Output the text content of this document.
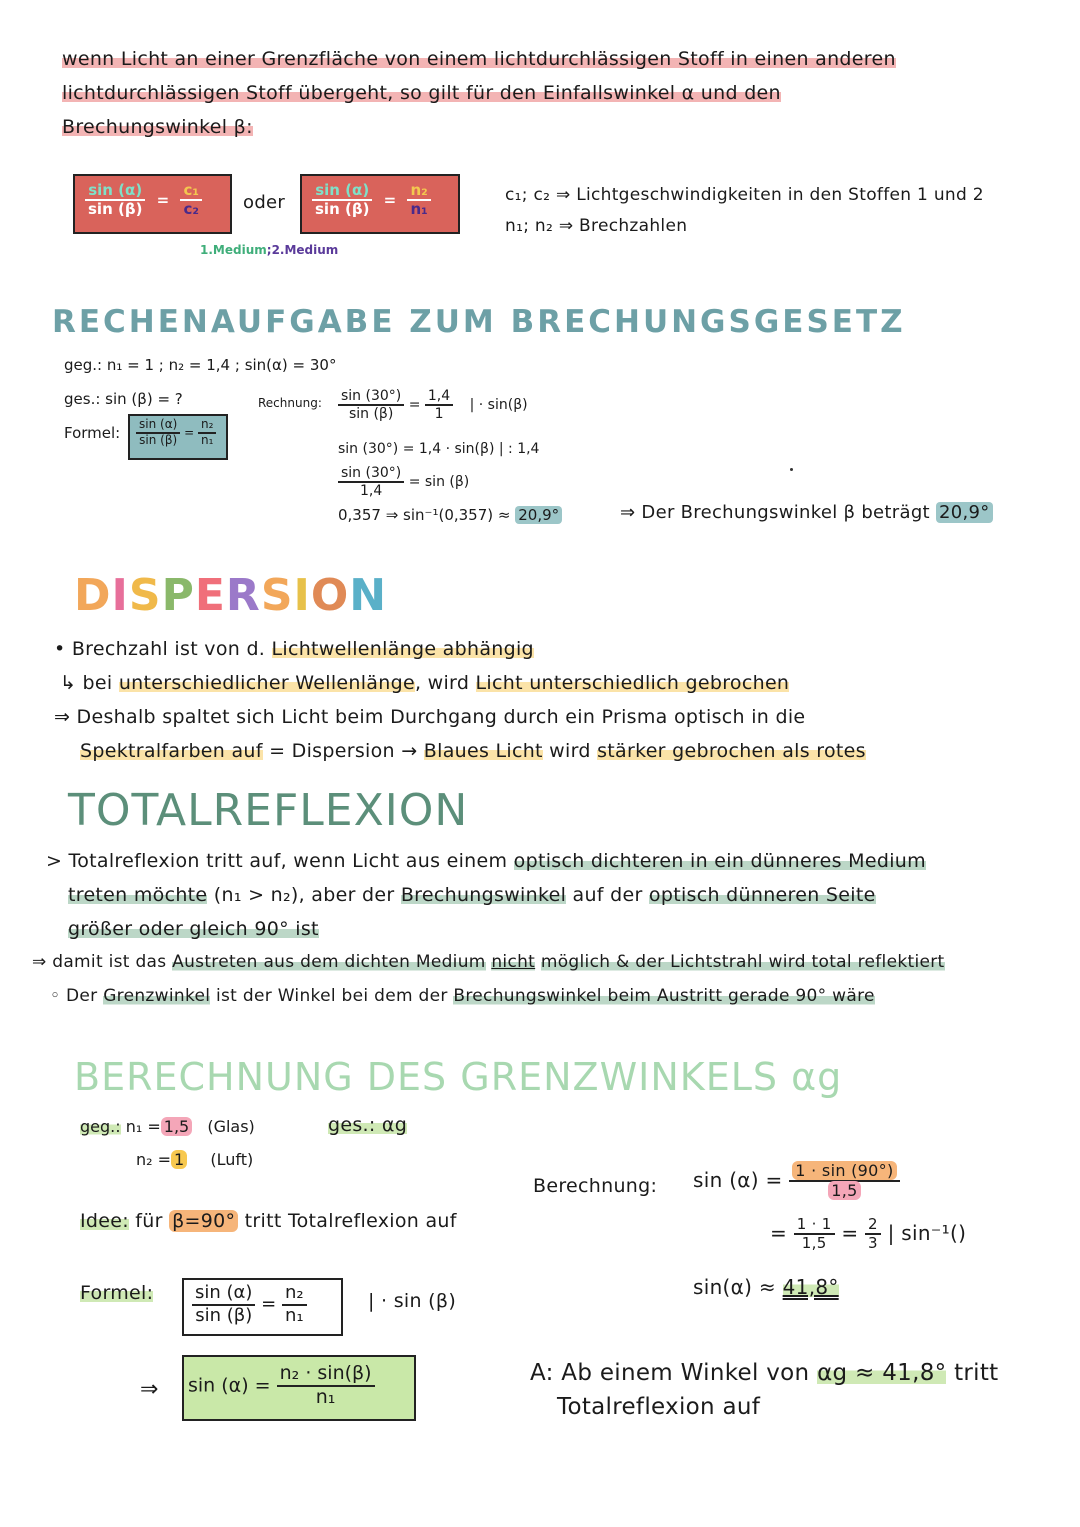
wenn Licht an einer Grenzfläche von einem lichtdurchlässigen Stoff in einen anderen
lichtdurchlässigen Stoff übergeht, so gilt für den Einfallswinkel α und den
Brechungswinkel β:
$\frac{\sin (\alpha)}{\sin (\beta)} = \frac{\text{c₁}}{\text{c₂}}$ oder $\frac{\sin (\alpha)}{\sin (\beta)} = \frac{\text{n₂}}{\text{n₁}}$
1.Medium;2.Medium
c₁; c₂ ⇒ Lichtgeschwindigkeiten in den Stoffen 1 und 2
n₁; n₂ ⇒ Brechzahlen
RECHENAUFGABE ZUM BRECHUNGSGESETZ
geg.: n₁ = 1 ; n₂ = 1,4 ; sin(α) = 30°
ges.: sin (β) = ?
Formel: $\frac{\sin (\alpha)}{\sin (\beta)} = \frac{\text{n₂}}{\text{n₁}}$
Rechnung: $\frac{\sin (30^\circ)}{\sin (\beta)} = \frac{1,4}{1}$ | · sin(β)
sin (30°) = 1,4 · sin(β) | : 1,4
$\frac{\sin (30^\circ)}{1,4} = \sin (\beta)$
0,357 ⇒ sin⁻¹(0,357) ≈ 20,9°	⇒ Der Brechungswinkel β beträgt 20,9°
DISPERSION
• Brechzahl ist von d. Lichtwellenlänge abhängig
↳ bei unterschiedlicher Wellenlänge, wird Licht unterschiedlich gebrochen
⇒ Deshalb spaltet sich Licht beim Durchgang durch ein Prisma optisch in die
Spektralfarben auf = Dispersion → Blaues Licht wird stärker gebrochen als rotes
TOTALREFLEXION
> Totalreflexion tritt auf, wenn Licht aus einem optisch dichteren in ein dünneres Medium
treten möchte (n₁ > n₂), aber der Brechungswinkel auf der optisch dünneren Seite
größer oder gleich 90° ist
⇒ damit ist das Austreten aus dem dichten Medium nicht möglich & der Lichtstrahl wird total reflektiert
◦ Der Grenzwinkel ist der Winkel bei dem der Brechungswinkel beim Austritt gerade 90° wäre
BERECHNUNG DES GRENZWINKELS αg
geg.: n₁ = 1,5 (Glas)
n₂ = 1 (Luft)
ges.: αg
Idee: für β=90° tritt Totalreflexion auf
Formel: $\frac{\sin (\alpha)}{\sin (\beta)} = \frac{\text{n₂}}{\text{n₁}}$	| · sin (β)
⇒ $\sin (\alpha) = \frac{\text{n₂ · sin(β)}}{\text{n₁}}$
Berechnung: $\sin (\alpha) = \frac{1 \cdot \sin (90^\circ)}{1,5}$
= $\frac{1 \cdot 1}{1,5} = \frac{2}{3}$ | sin⁻¹()
sin(α) ≈ 41,8°
A: Ab einem Winkel von αg ≈ 41,8° tritt
Totalreflexion auf
